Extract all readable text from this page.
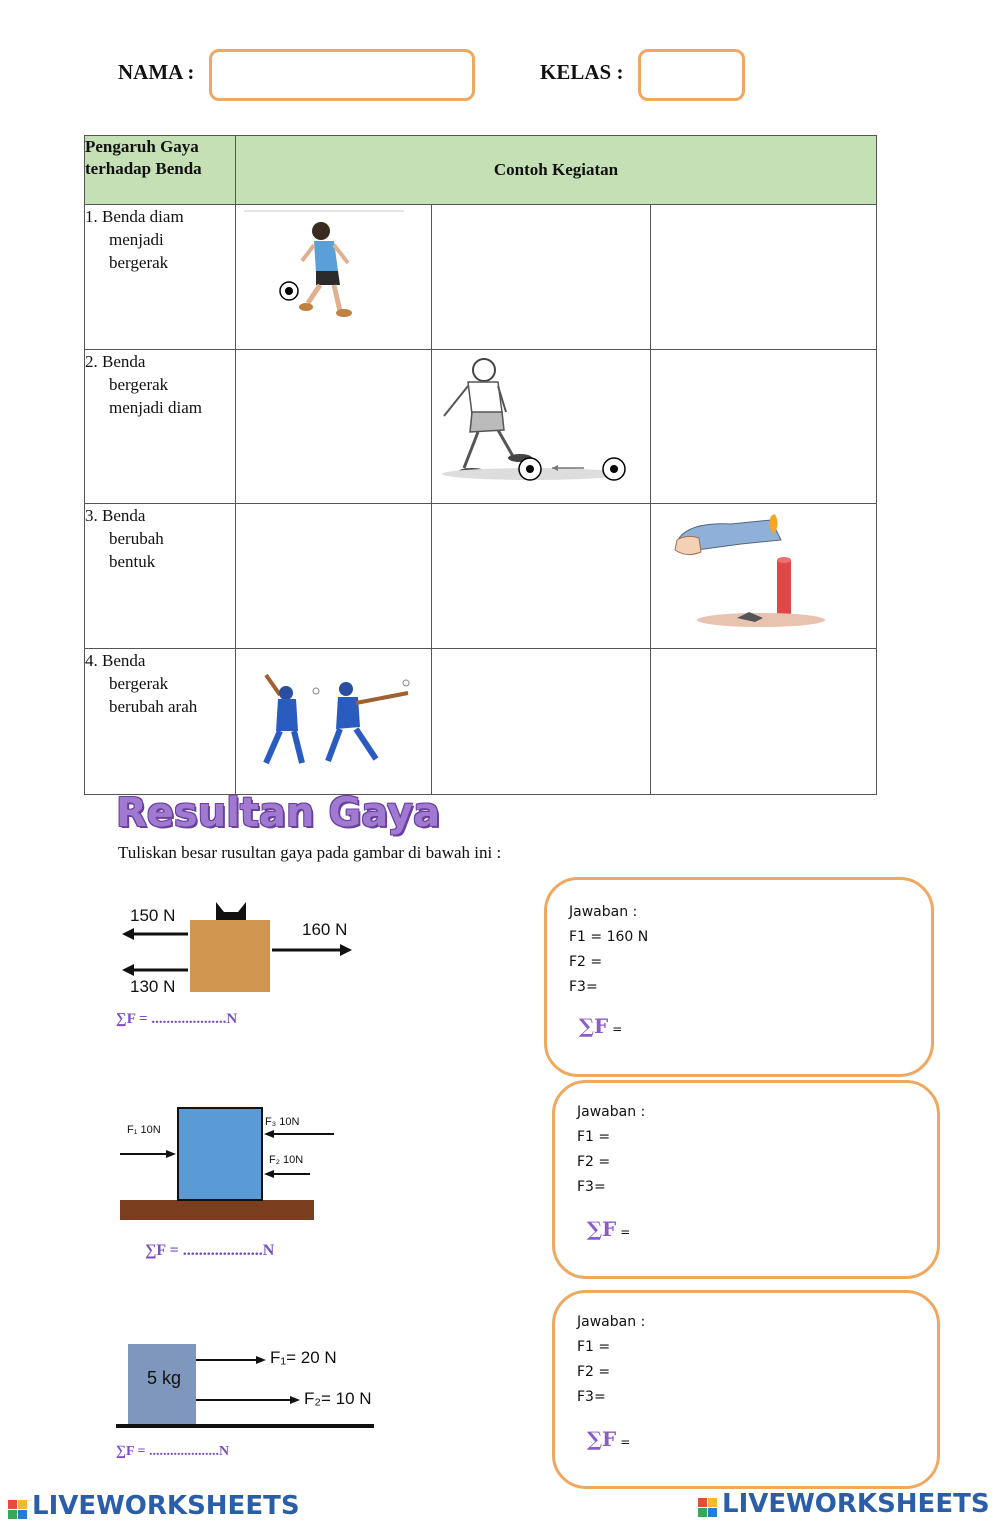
NAMA :	KELAS :
Pengaruh Gaya terhadap Benda	Contoh Kegiatan		
1. Benda diam
menjadi
bergerak

2. Benda
bergerak
menjadi diam

3. Benda
berubah
bentuk

4. Benda
bergerak
berubah arah

Resultan Gaya
Tuliskan besar rusultan gaya pada gambar di bawah ini :
150 N
160 N
130 N
∑F = ....................N
Jawaban :
F1 = 160 N
F2 =
F3=
∑F =
F₁ 10N
F₃ 10N
F₂ 10N
∑F = ....................N
Jawaban :
F1 =
F2 =
F3=
∑F =
5 kg
F₁= 20 N
F₂= 10 N
∑F = ....................N
Jawaban :
F1 =
F2 =
F3=
∑F =
LIVEWORKSHEETS	LIVEWORKSHEETS
